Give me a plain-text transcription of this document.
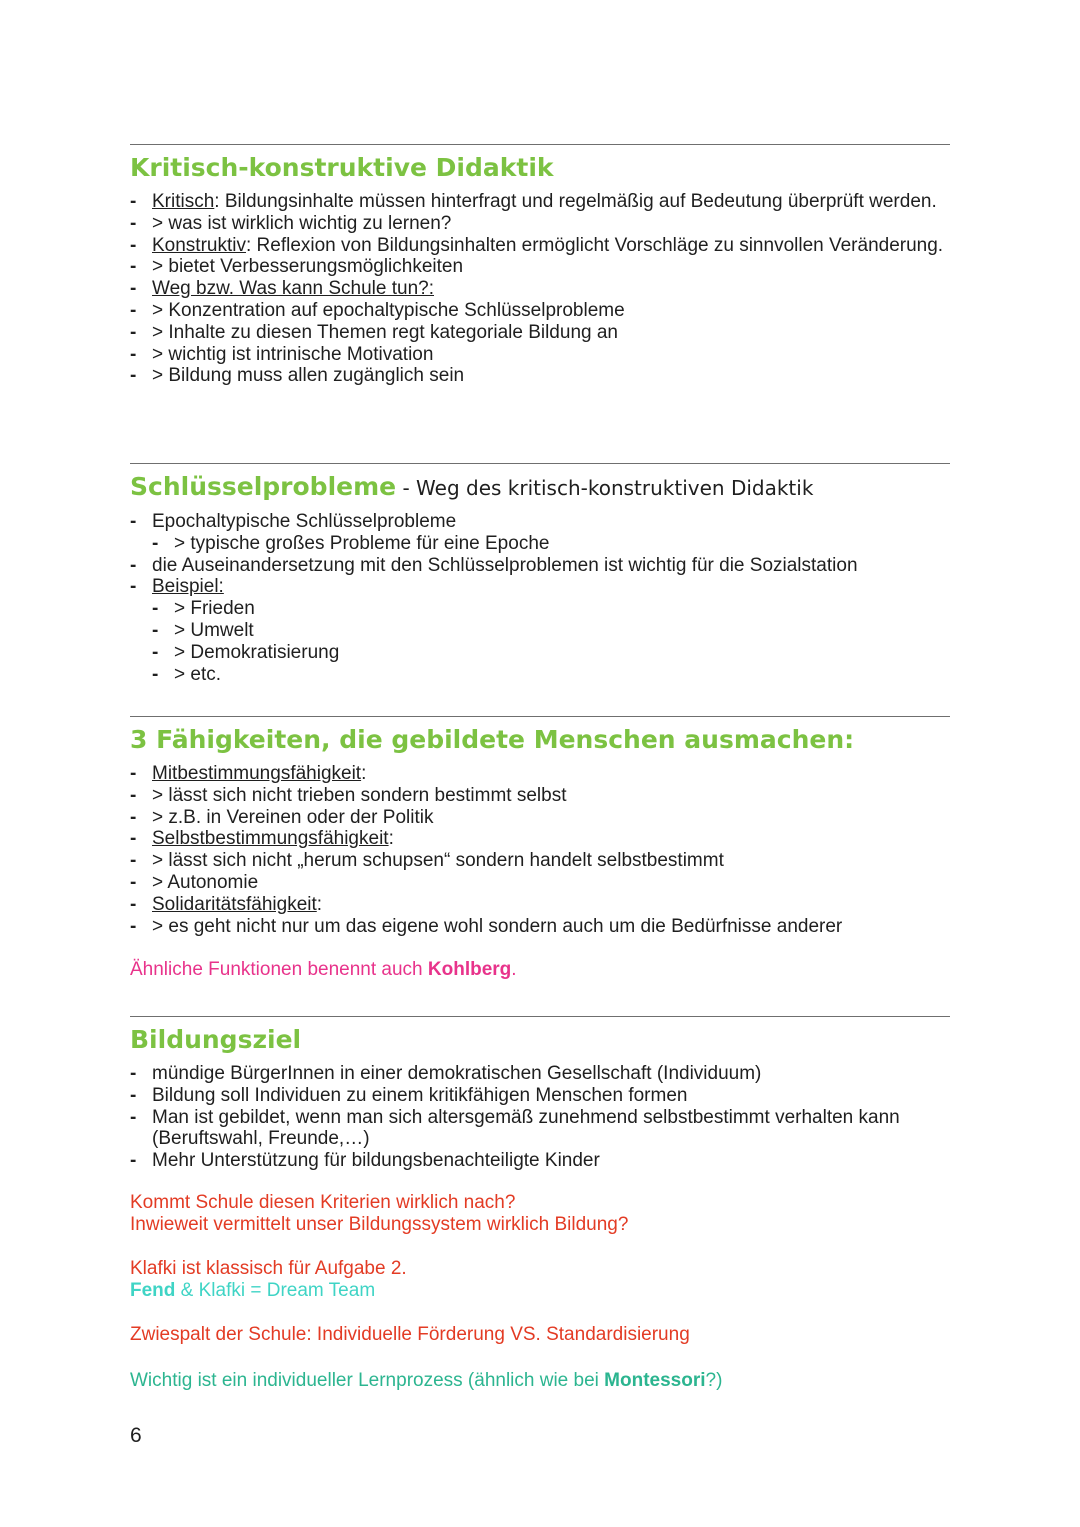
Kritisch-konstruktive Didaktik
- Kritisch: Bildungsinhalte müssen hinterfragt und regelmäßig auf Bedeutung überprüft werden.
- > was ist wirklich wichtig zu lernen?
- Konstruktiv: Reflexion von Bildungsinhalten ermöglicht Vorschläge zu sinnvollen Veränderung.
- > bietet Verbesserungsmöglichkeiten
- Weg bzw. Was kann Schule tun?:
- > Konzentration auf epochaltypische Schlüsselprobleme
- > Inhalte zu diesen Themen regt kategoriale Bildung an
- > wichtig ist intrinische Motivation
- > Bildung muss allen zugänglich sein
Schlüsselprobleme - Weg des kritisch-konstruktiven Didaktik
- Epochaltypische Schlüsselprobleme
- > typische großes Probleme für eine Epoche
- die Auseinandersetzung mit den Schlüsselproblemen ist wichtig für die Sozialstation
- Beispiel:
- > Frieden
- > Umwelt
- > Demokratisierung
- > etc.
3 Fähigkeiten, die gebildete Menschen ausmachen:
- Mitbestimmungsfähigkeit:
- > lässt sich nicht trieben sondern bestimmt selbst
- > z.B. in Vereinen oder der Politik
- Selbstbestimmungsfähigkeit:
- > lässt sich nicht „herum schupsen“ sondern handelt selbstbestimmt
- > Autonomie
- Solidaritätsfähigkeit:
- > es geht nicht nur um das eigene wohl sondern auch um die Bedürfnisse anderer
Ähnliche Funktionen benennt auch Kohlberg.
Bildungsziel
- mündige BürgerInnen in einer demokratischen Gesellschaft (Individuum)
- Bildung soll Individuen zu einem kritikfähigen Menschen formen
- Man ist gebildet, wenn man sich altersgemäß zunehmend selbstbestimmt verhalten kann (Beruftswahl, Freunde,…)
- Mehr Unterstützung für bildungsbenachteiligte Kinder
Kommt Schule diesen Kriterien wirklich nach?
Inwieweit vermittelt unser Bildungssystem wirklich Bildung?
Klafki ist klassisch für Aufgabe 2.
Fend & Klafki = Dream Team
Zwiespalt der Schule: Individuelle Förderung VS. Standardisierung
Wichtig ist ein individueller Lernprozess (ähnlich wie bei Montessori?)
6
